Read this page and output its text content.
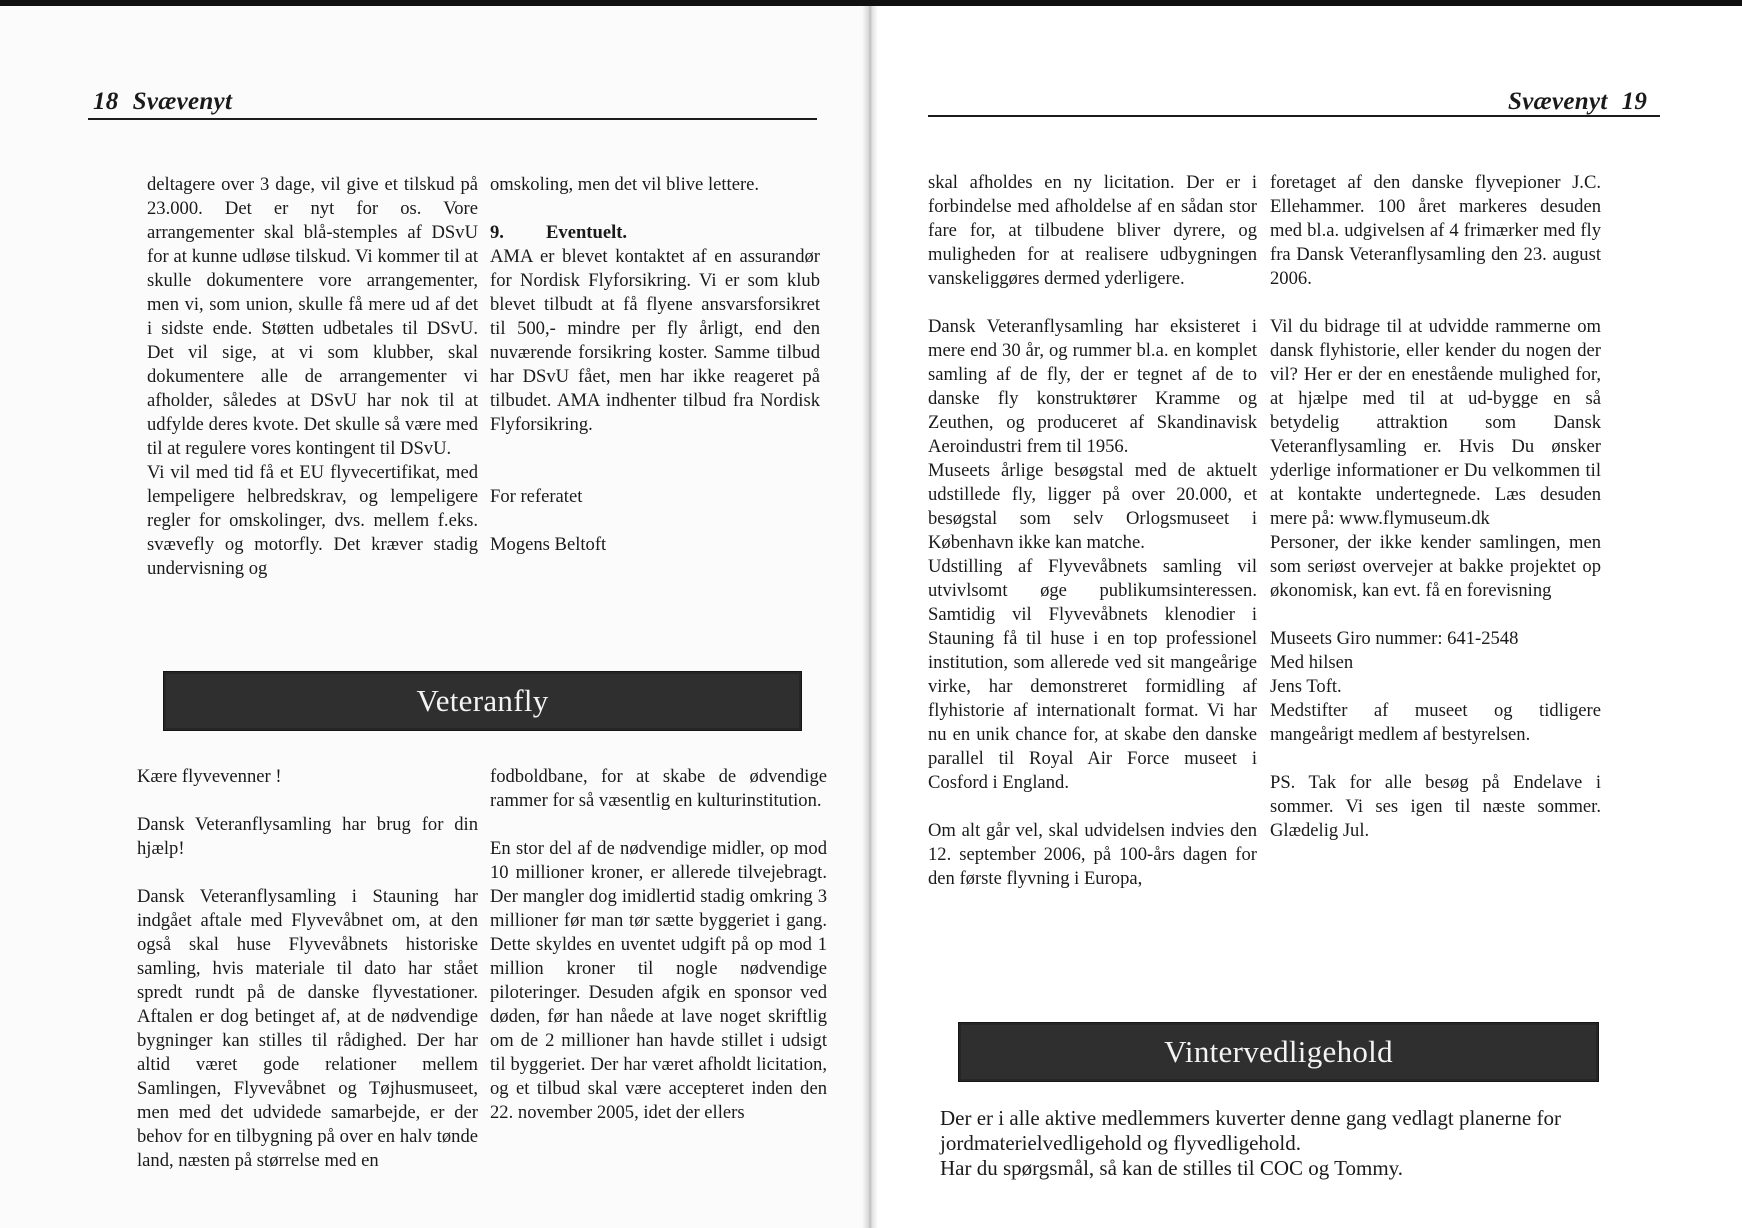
18 Svævenyt

deltagere over 3 dage, vil give et tilskud på 23.000. Det er nyt for os. Vore arrangementer skal blå-stemples af DSvU for at kunne udløse tilskud. Vi kommer til at skulle dokumentere vore arrangementer, men vi, som union, skulle få mere ud af det i sidste ende. Støtten udbetales til DSvU. Det vil sige, at vi som klubber, skal dokumentere alle de arrangementer vi afholder, således at DSvU har nok til at udfylde deres kvote. Det skulle så være med til at regulere vores kontingent til DSvU.

Vi vil med tid få et EU flyvecertifikat, med lempeligere helbredskrav, og lempeligere regler for omskolinger, dvs. mellem f.eks. svævefly og motorfly. Det kræver stadig undervisning og

omskoling, men det vil blive lettere.

9. Eventuelt.

AMA er blevet kontaktet af en assurandør for Nordisk Flyforsikring. Vi er som klub blevet tilbudt at få flyene ansvarsforsikret til 500,- mindre per fly årligt, end den nuværende forsikring koster. Samme tilbud har DSvU fået, men har ikke reageret på tilbudet. AMA indhenter tilbud fra Nordisk Flyforsikring.

For referatet

Mogens Beltoft

Veteranfly

Kære flyvevenner !

Dansk Veteranflysamling har brug for din hjælp!

Dansk Veteranflysamling i Stauning har indgået aftale med Flyvevåbnet om, at den også skal huse Flyvevåbnets historiske samling, hvis materiale til dato har stået spredt rundt på de danske flyvestationer. Aftalen er dog betinget af, at de nødvendige bygninger kan stilles til rådighed. Der har altid været gode relationer mellem Samlingen, Flyvevåbnet og Tøjhusmuseet, men med det udvidede samarbejde, er der behov for en tilbygning på over en halv tønde land, næsten på størrelse med en

fodboldbane, for at skabe de ødvendige rammer for så væsentlig en kulturinstitution.

En stor del af de nødvendige midler, op mod 10 millioner kroner, er allerede tilvejebragt. Der mangler dog imidlertid stadig omkring 3 millioner før man tør sætte byggeriet i gang. Dette skyldes en uventet udgift på op mod 1 million kroner til nogle nødvendige piloteringer. Desuden afgik en sponsor ved døden, før han nåede at lave noget skriftlig om de 2 millioner han havde stillet i udsigt til byggeriet. Der har været afholdt licitation, og et tilbud skal være accepteret inden den 22. november 2005, idet der ellers

Svævenyt 19

skal afholdes en ny licitation. Der er i forbindelse med afholdelse af en sådan stor fare for, at tilbudene bliver dyrere, og muligheden for at realisere udbygningen vanskeliggøres dermed yderligere.

Dansk Veteranflysamling har eksisteret i mere end 30 år, og rummer bl.a. en komplet samling af de fly, der er tegnet af de to danske fly konstruktører Kramme og Zeuthen, og produceret af Skandinavisk Aeroindustri frem til 1956.

Museets årlige besøgstal med de aktuelt udstillede fly, ligger på over 20.000, et besøgstal som selv Orlogsmuseet i København ikke kan matche.

Udstilling af Flyvevåbnets samling vil utvivlsomt øge publikumsinteressen. Samtidig vil Flyvevåbnets klenodier i Stauning få til huse i en top professionel institution, som allerede ved sit mangeårige virke, har demonstreret formidling af flyhistorie af internationalt format. Vi har nu en unik chance for, at skabe den danske parallel til Royal Air Force museet i Cosford i England.

Om alt går vel, skal udvidelsen indvies den 12. september 2006, på 100-års dagen for den første flyvning i Europa,

foretaget af den danske flyvepioner J.C. Ellehammer. 100 året markeres desuden med bl.a. udgivelsen af 4 frimærker med fly fra Dansk Veteranflysamling den 23. august 2006.

Vil du bidrage til at udvidde rammerne om dansk flyhistorie, eller kender du nogen der vil? Her er der en enestående mulighed for, at hjælpe med til at ud-bygge en så betydelig attraktion som Dansk Veteranflysamling er. Hvis Du ønsker yderlige informationer er Du velkommen til at kontakte undertegnede. Læs desuden mere på: www.flymuseum.dk

Personer, der ikke kender samlingen, men som seriøst overvejer at bakke projektet op økonomisk, kan evt. få en forevisning

Museets Giro nummer: 641-2548

Med hilsen

Jens Toft.

Medstifter af museet og tidligere mangeårigt medlem af bestyrelsen.

PS. Tak for alle besøg på Endelave i sommer. Vi ses igen til næste sommer. Glædelig Jul.

Vintervedligehold

Der er i alle aktive medlemmers kuverter denne gang vedlagt planerne for jordmaterielvedligehold og flyvedligehold.

Har du spørgsmål, så kan de stilles til COC og Tommy.
